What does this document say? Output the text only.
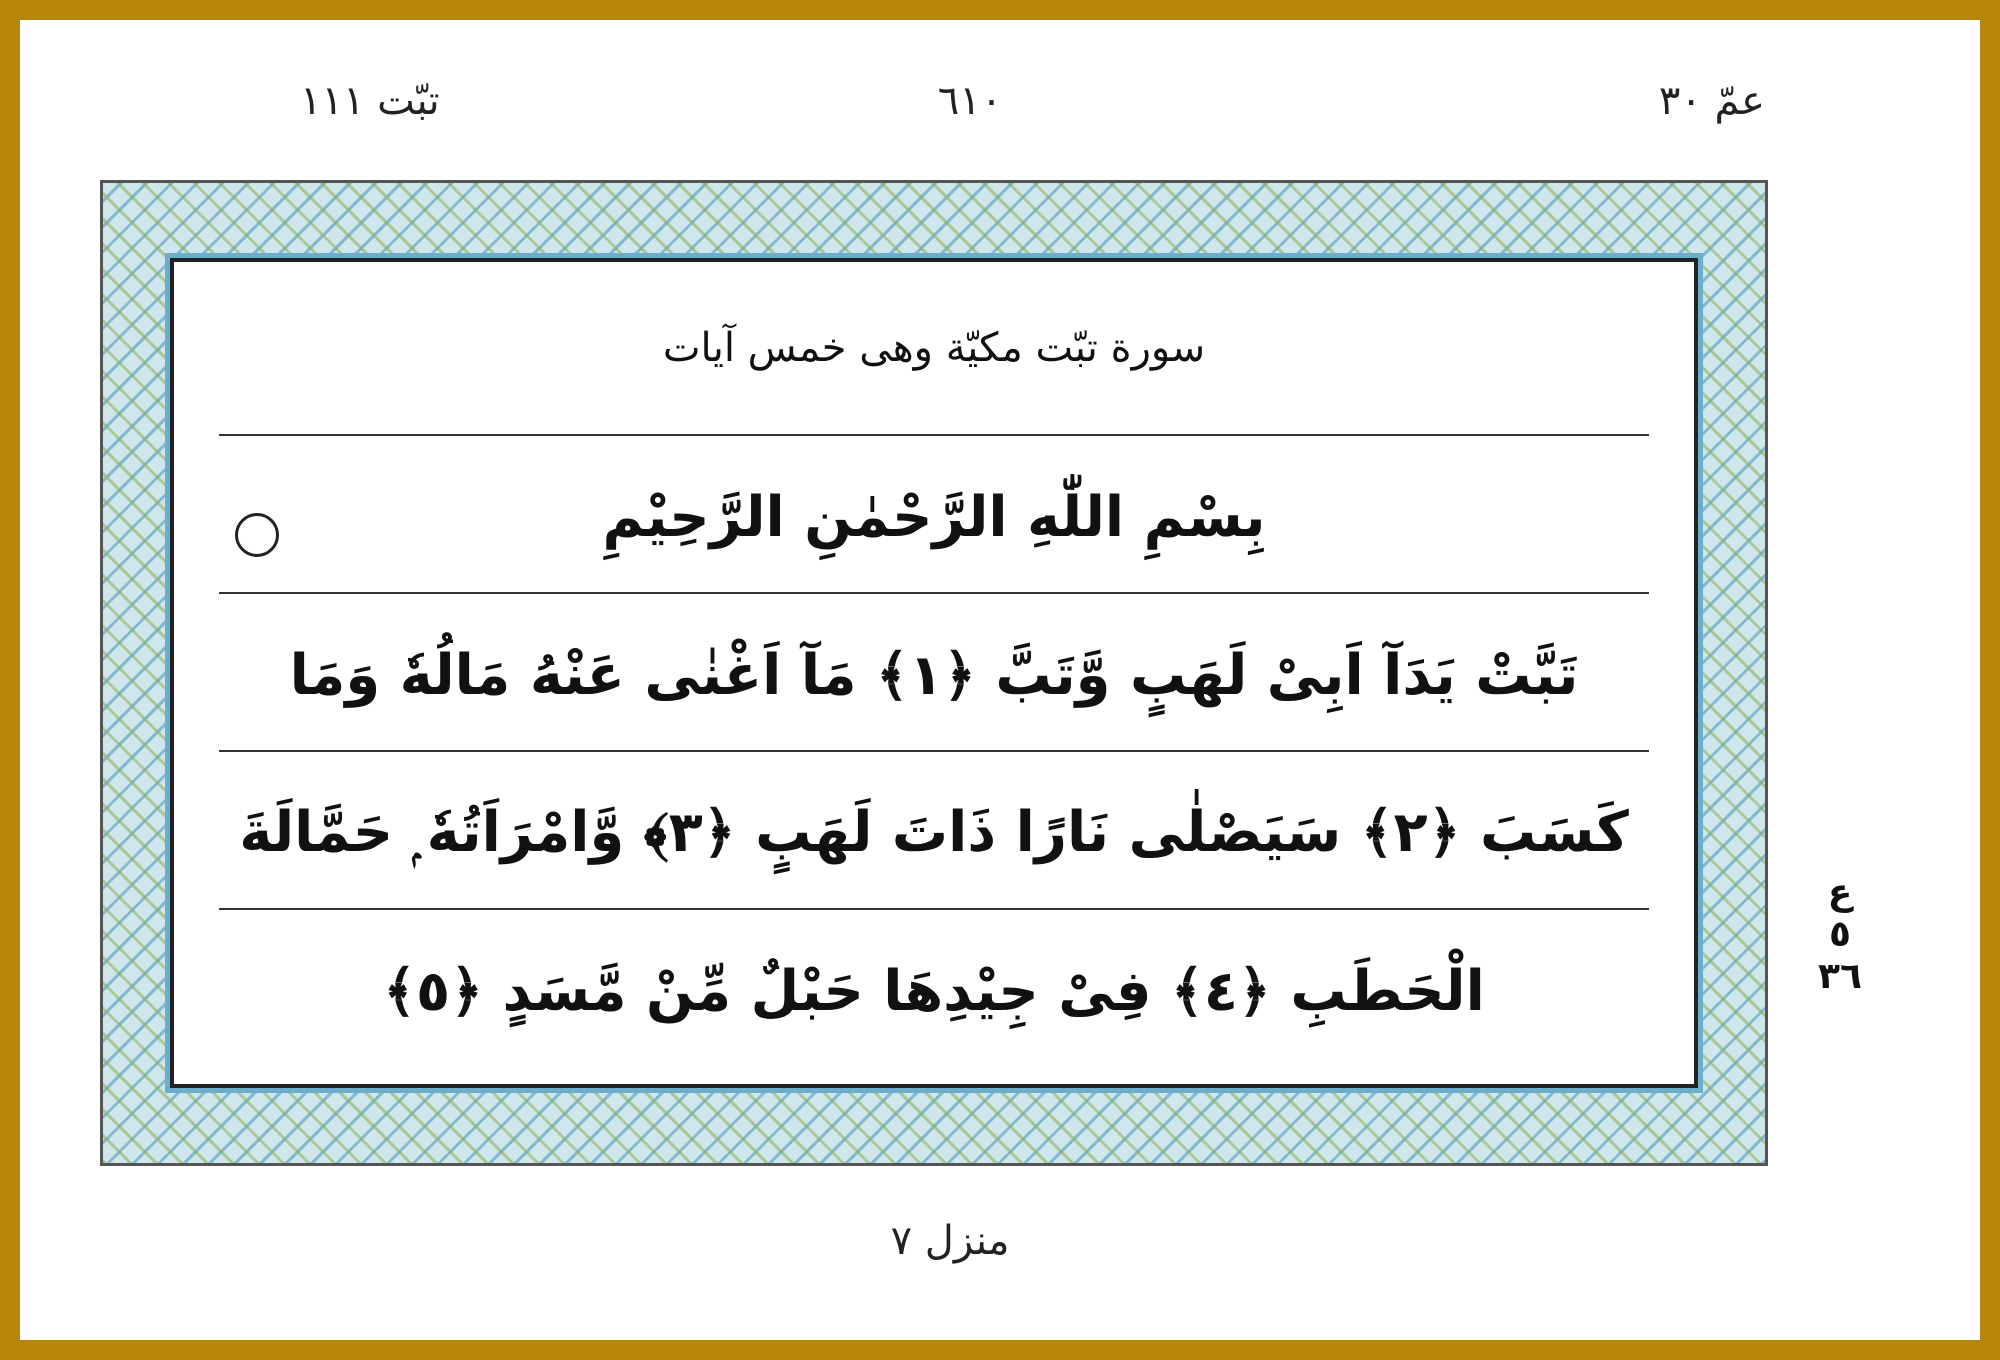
تبّت ١١١	٦١٠	عمّ ٣٠
سورة تبّت مكيّة وهى خمس آيات
بِسْمِ اللّٰهِ الرَّحْمٰنِ الرَّحِيْمِ
تَبَّتْ يَدَآ اَبِىْ لَهَبٍ وَّتَبَّ ﴿١﴾ مَآ اَغْنٰى عَنْهُ مَالُهٗ وَمَا
كَسَبَ ﴿٢﴾ سَيَصْلٰى نَارًا ذَاتَ لَهَبٍ ﴿٣﴾ وَّامْرَاَتُهٗ ۭ حَمَّالَةَ
الْحَطَبِ ﴿٤﴾ فِىْ جِيْدِهَا حَبْلٌ مِّنْ مَّسَدٍ ﴿٥﴾
ع
٥
٣٦
منزل ٧
